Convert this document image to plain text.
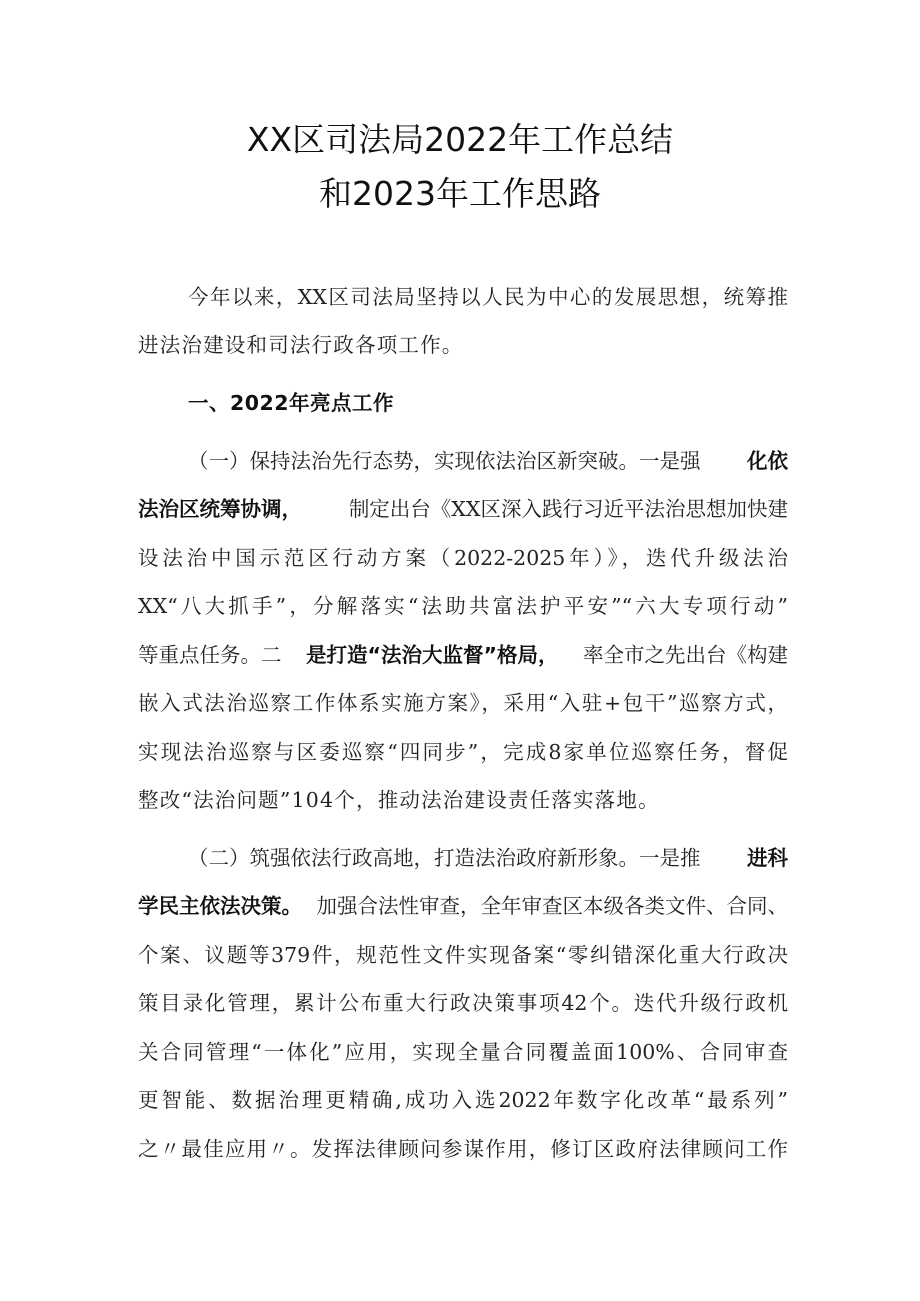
XX区司法局2022年工作总结
和2023年工作思路
今年以来，XX区司法局坚持以人民为中心的发展思想，统筹推
进法治建设和司法行政各项工作。
一、2022年亮点工作
（一）保持法治先行态势，实现依法治区新突破。一是强 化依
法治区统筹协调， 制定出台《XX区深入践行习近平法治思想加快建
设法治中国示范区行动方案（2022-2025年）》，迭代升级法治
XX“八大抓手”，分解落实“法助共富法护平安”“六大专项行动”
等重点任务。二 是打造“法治大监督”格局， 率全市之先出台《构建
嵌入式法治巡察工作体系实施方案》，采用“入驻+包干”巡察方式，
实现法治巡察与区委巡察“四同步”，完成8家单位巡察任务，督促
整改“法治问题”104个，推动法治建设责任落实落地。
（二）筑强依法行政高地，打造法治政府新形象。一是推 进科
学民主依法决策。 加强合法性审查，全年审查区本级各类文件、合同、
个案、议题等379件，规范性文件实现备案“零纠错深化重大行政决
策目录化管理，累计公布重大行政决策事项42个。迭代升级行政机
关合同管理“一体化”应用，实现全量合同覆盖面100%、合同审查
更智能、数据治理更精确,成功入选2022年数字化改革“最系列”
之〃最佳应用〃。发挥法律顾问参谋作用，修订区政府法律顾问工作
